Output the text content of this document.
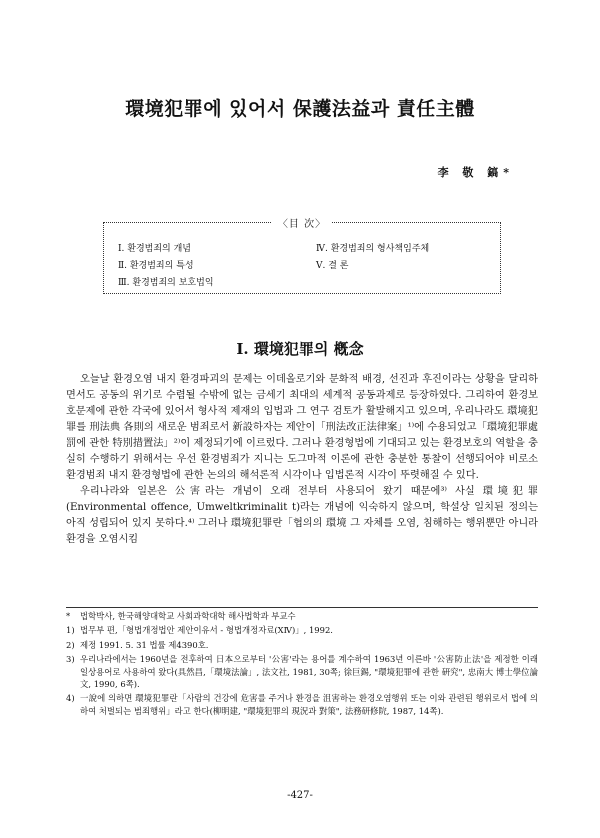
環境犯罪에 있어서 保護法益과 責任主體
李 敬 鎬*
〈目 次〉
Ⅰ. 환경범죄의 개념
Ⅱ. 환경범죄의 특성
Ⅲ. 환경범죄의 보호법익
Ⅳ. 환경범죄의 형사책임주체
Ⅴ. 결 론
Ⅰ. 環境犯罪의 槪念

오늘날 환경오염 내지 환경파괴의 문제는 이데올로기와 문화적 배경, 선진과 후진이라는 상황을 달리하면서도 공동의 위기로 수렴될 수밖에 없는 금세기 최대의 세계적 공동과제로 등장하였다. 그리하여 환경보호문제에 관한 각국에 있어서 형사적 제재의 입법과 그 연구 검토가 활발해지고 있으며, 우리나라도 環境犯罪를 刑法典 各則의 새로운 범죄로서 新設하자는 제안이「刑法改正法律案」¹⁾에 수용되었고「環境犯罪處罰에 관한 特別措置法」²⁾이 제정되기에 이르렀다. 그러나 환경형법에 기대되고 있는 환경보호의 역할을 충실히 수행하기 위해서는 우선 환경범죄가 지니는 도그마적 이론에 관한 충분한 통찰이 선행되어야 비로소 환경범죄 내지 환경형법에 관한 논의의 해석론적 시각이나 입법론적 시각이 뚜렷해질 수 있다.

우리나라와 일본은 公害라는 개념이 오래 전부터 사용되어 왔기 때문에³⁾ 사실 環境犯罪(Environmental offence, Umweltkriminalit t)라는 개념에 익숙하지 않으며, 학설상 일치된 정의는 아직 성립되어 있지 못하다.⁴⁾ 그러나 環境犯罪란「협의의 環境 그 자체를 오염, 침해하는 행위뿐만 아니라 환경을 오염시킴

*	법학박사, 한국해양대학교 사회과학대학 해사법학과 부교수
1) 법무부 편,「형법개정법안 제안이유서 - 형법개정자료(XⅣ)」, 1992.
2) 제정 1991. 5. 31 법률 제4390호.
3) 우리나라에서는 1960년을 전후하여 日本으로부터 '公害'라는 용어를 계수하여 1963년 이른바 '公害防止法'을 제정한 이래 일상용어로 사용하여 왔다(具然昌,「環境法論」, 法文社, 1981, 30쪽; 徐巨錫, "環境犯罪에 관한 硏究", 忠南大 博士學位論文, 1990, 6쪽).
4) 一說에 의하면 環境犯罪란「사람의 건강에 危害를 주거나 환경을 沮害하는 환경오염행위 또는 이와 관련된 행위로서 법에 의하여 처벌되는 범죄행위」라고 한다(柳明建, "環境犯罪의 現況과 對策", 法務研修院, 1987, 14쪽).
-427-
